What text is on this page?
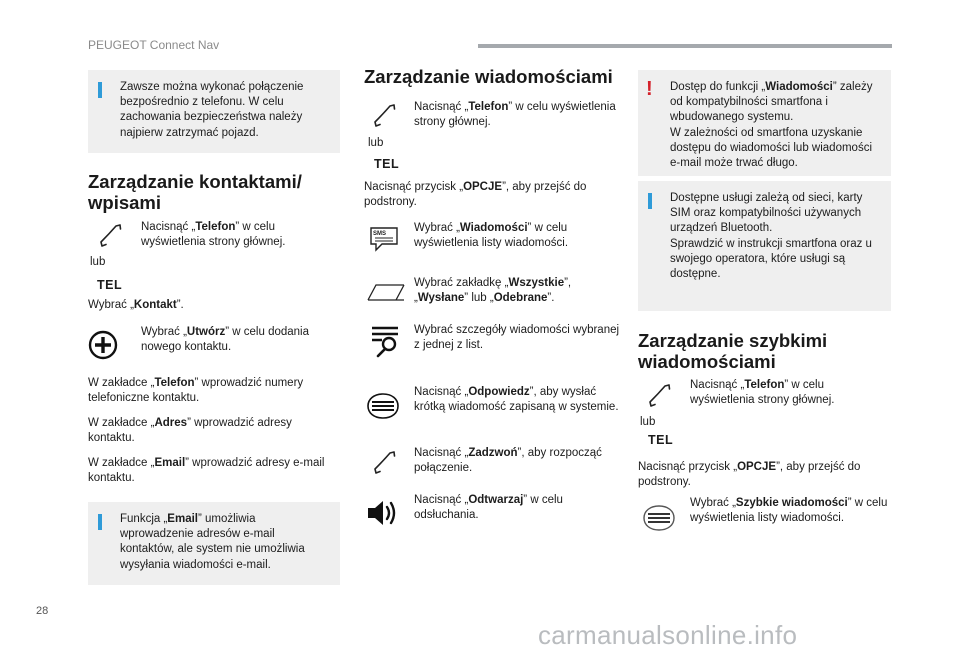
PEUGEOT Connect Nav
Zawsze można wykonać połączenie bezpośrednio z telefonu. W celu zachowania bezpieczeństwa należy najpierw zatrzymać pojazd.
Zarządzanie kontaktami/ wpisami
Nacisnąć „Telefon” w celu wyświetlenia strony głównej.
lub
TEL
Wybrać „Kontakt”.
Wybrać „Utwórz” w celu dodania nowego kontaktu.
W zakładce „Telefon” wprowadzić numery telefoniczne kontaktu.
W zakładce „Adres” wprowadzić adresy kontaktu.
W zakładce „Email” wprowadzić adresy e-mail kontaktu.
Funkcja „Email” umożliwia wprowadzenie adresów e-mail kontaktów, ale system nie umożliwia wysyłania wiadomości e-mail.
Zarządzanie wiadomościami
Nacisnąć „Telefon” w celu wyświetlenia strony głównej.
lub
TEL
Nacisnąć przycisk „OPCJE”, aby przejść do podstrony.
SMS Wybrać „Wiadomości” w celu wyświetlenia listy wiadomości.
Wybrać zakładkę „Wszystkie”, „Wysłane” lub „Odebrane”.
Wybrać szczegóły wiadomości wybranej z jednej z list.
Nacisnąć „Odpowiedz”, aby wysłać krótką wiadomość zapisaną w systemie.
Nacisnąć „Zadzwoń”, aby rozpocząć połączenie.
Nacisnąć „Odtwarzaj” w celu odsłuchania.
! Dostęp do funkcji „Wiadomości” zależy od kompatybilności smartfona i wbudowanego systemu.
W zależności od smartfona uzyskanie dostępu do wiadomości lub wiadomości e-mail może trwać długo.
Dostępne usługi zależą od sieci, karty SIM oraz kompatybilności używanych urządzeń Bluetooth.
Sprawdzić w instrukcji smartfona oraz u swojego operatora, które usługi są dostępne.
Zarządzanie szybkimi wiadomościami
Nacisnąć „Telefon” w celu wyświetlenia strony głównej.
lub
TEL
Nacisnąć przycisk „OPCJE”, aby przejść do podstrony.
Wybrać „Szybkie wiadomości” w celu wyświetlenia listy wiadomości.
28
carmanualsonline.info
